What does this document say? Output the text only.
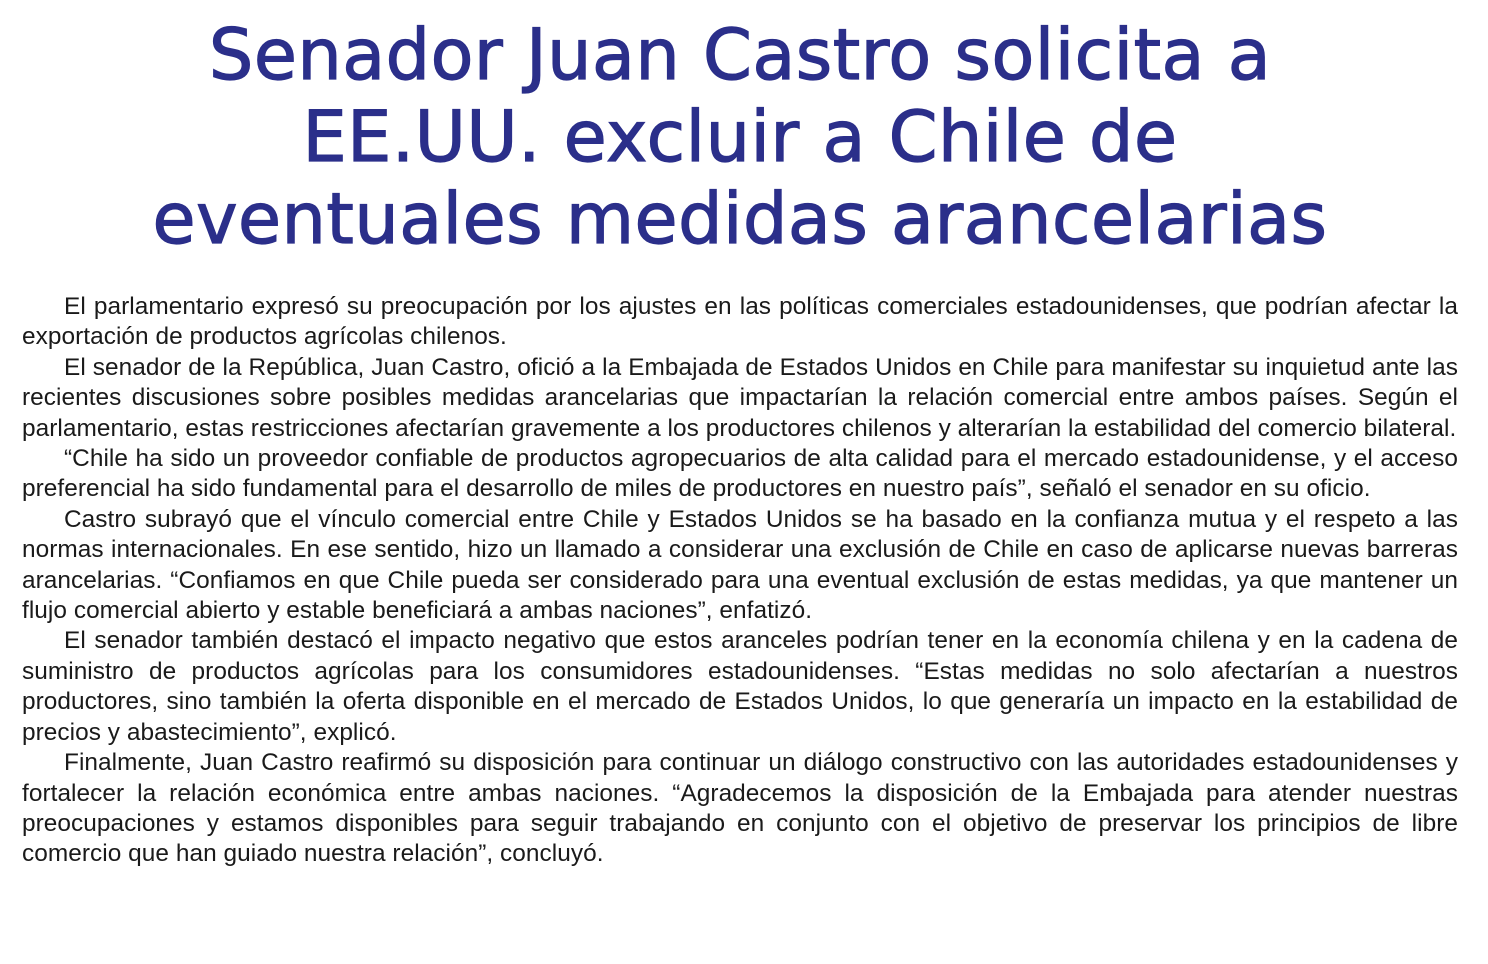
Senador Juan Castro solicita a
EE.UU. excluir a Chile de
eventuales medidas arancelarias

El parlamentario expresó su preocupación por los ajustes en las políticas comerciales estadounidenses, que podrían afectar la exportación de productos agrícolas chilenos.

El senador de la República, Juan Castro, ofició a la Embajada de Estados Unidos en Chile para manifestar su inquietud ante las recientes discusiones sobre posibles medidas arancelarias que impactarían la relación comercial entre ambos países. Según el parlamentario, estas restricciones afectarían gravemente a los productores chilenos y alterarían la estabilidad del comercio bilateral.

“Chile ha sido un proveedor confiable de productos agropecuarios de alta calidad para el mercado estadounidense, y el acceso preferencial ha sido fundamental para el desarrollo de miles de productores en nuestro país”, señaló el senador en su oficio.

Castro subrayó que el vínculo comercial entre Chile y Estados Unidos se ha basado en la confianza mutua y el respeto a las normas internacionales. En ese sentido, hizo un llamado a considerar una exclusión de Chile en caso de aplicarse nuevas barreras arancelarias. “Confiamos en que Chile pueda ser considerado para una eventual exclusión de estas medidas, ya que mantener un flujo comercial abierto y estable beneficiará a ambas naciones”, enfatizó.

El senador también destacó el impacto negativo que estos aranceles podrían tener en la economía chilena y en la cadena de suministro de productos agrícolas para los consumidores estadounidenses. “Estas medidas no solo afectarían a nuestros productores, sino también la oferta disponible en el mercado de Estados Unidos, lo que generaría un impacto en la estabilidad de precios y abastecimiento”, explicó.

Finalmente, Juan Castro reafirmó su disposición para continuar un diálogo constructivo con las autoridades estadounidenses y fortalecer la relación económica entre ambas naciones. “Agradecemos la disposición de la Embajada para atender nuestras preocupaciones y estamos disponibles para seguir trabajando en conjunto con el objetivo de preservar los principios de libre comercio que han guiado nuestra relación”, concluyó.
